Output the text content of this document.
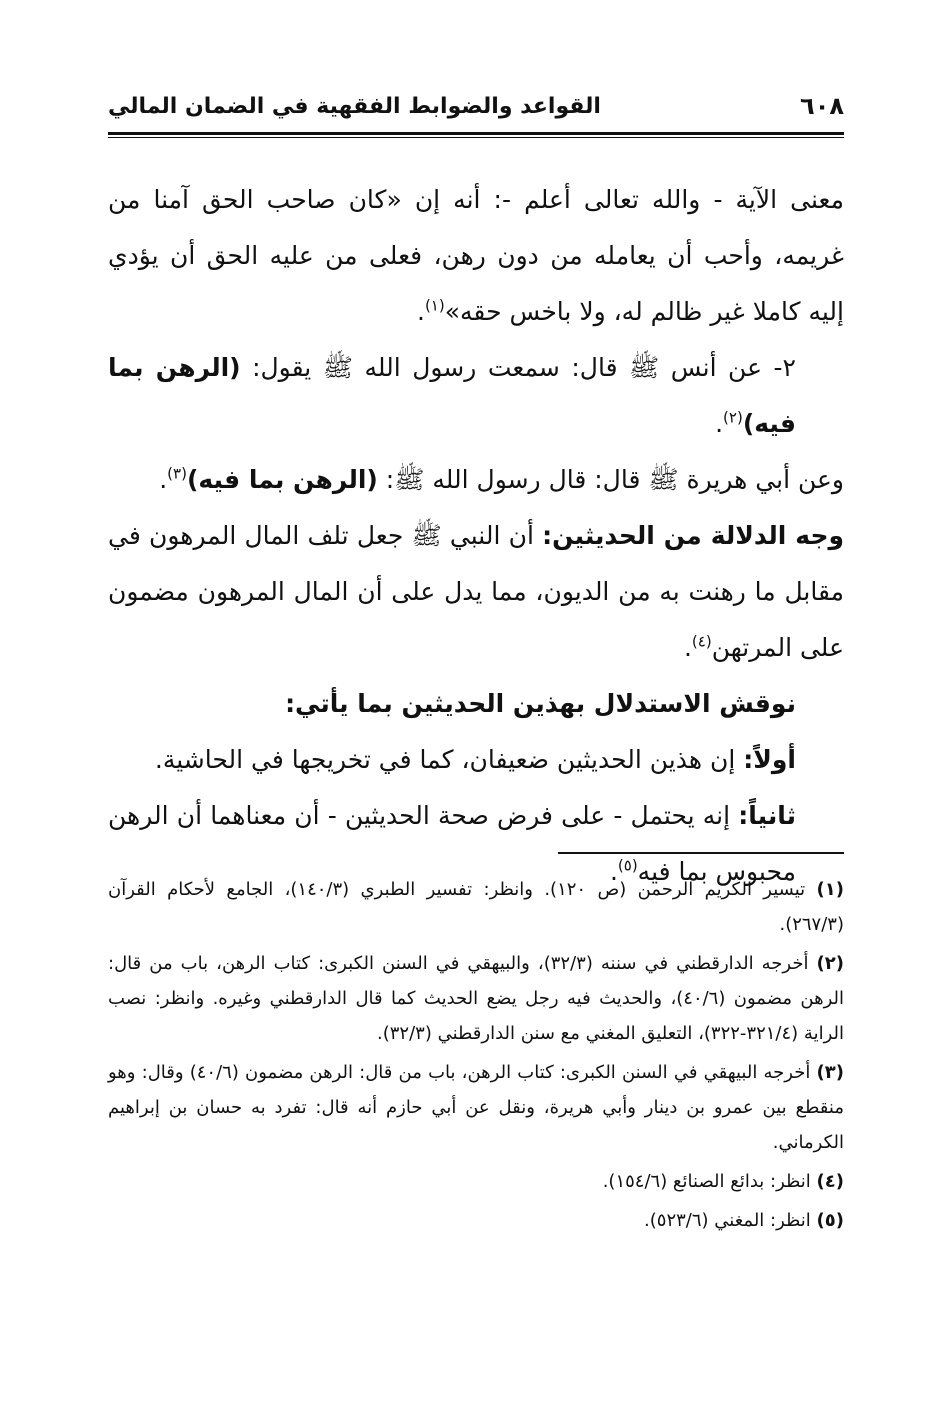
٦٠٨
القواعد والضوابط الفقهية في الضمان المالي

معنى الآية - والله تعالى أعلم -: أنه إن «كان صاحب الحق آمنا من غريمه، وأحب أن يعامله من دون رهن، فعلى من عليه الحق أن يؤدي إليه كاملا غير ظالم له، ولا باخس حقه»$^{(١)}$.

٢- عن أنس ﷺ قال: سمعت رسول الله ﷺ يقول: (الرهن بما فيه)$^{(٢)}$.

وعن أبي هريرة ﷺ قال: قال رسول الله ﷺ: (الرهن بما فيه)$^{(٣)}$.

وجه الدلالة من الحديثين: أن النبي ﷺ جعل تلف المال المرهون في مقابل ما رهنت به من الديون، مما يدل على أن المال المرهون مضمون على المرتهن$^{(٤)}$.

نوقش الاستدلال بهذين الحديثين بما يأتي:

أولاً: إن هذين الحديثين ضعيفان، كما في تخريجها في الحاشية.

ثانياً: إنه يحتمل - على فرض صحة الحديثين - أن معناهما أن الرهن محبوس بما فيه$^{(٥)}$.

(١) تيسير الكريم الرحمن (ص ١٢٠). وانظر: تفسير الطبري (١٤٠/٣)، الجامع لأحكام القرآن (٢٦٧/٣).

(٢) أخرجه الدارقطني في سننه (٣٢/٣)، والبيهقي في السنن الكبرى: كتاب الرهن، باب من قال: الرهن مضمون (٤٠/٦)، والحديث فيه رجل يضع الحديث كما قال الدارقطني وغيره. وانظر: نصب الراية (٣٢١/٤-٣٢٢)، التعليق المغني مع سنن الدارقطني (٣٢/٣).

(٣) أخرجه البيهقي في السنن الكبرى: كتاب الرهن، باب من قال: الرهن مضمون (٤٠/٦) وقال: وهو منقطع بين عمرو بن دينار وأبي هريرة، ونقل عن أبي حازم أنه قال: تفرد به حسان بن إبراهيم الكرماني.

(٤) انظر: بدائع الصنائع (١٥٤/٦).

(٥) انظر: المغني (٥٢٣/٦).
